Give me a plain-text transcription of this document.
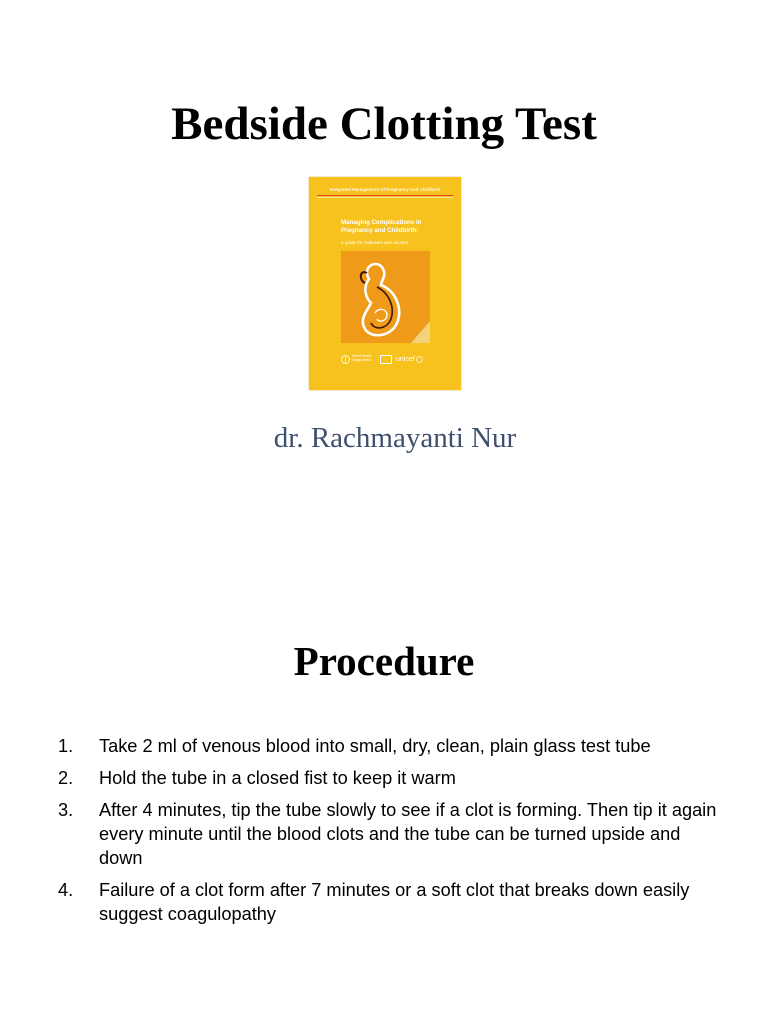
Bedside Clotting Test
Integrated Management Of Pregnancy And Childbirth
Managing Complications in Pregnancy and Childbirth:
a guide for midwives and doctors
World Health Organization	unicef
dr. Rachmayanti Nur
Procedure
1. Take 2 ml of venous blood into small, dry, clean, plain glass test tube
2. Hold the tube in a closed fist to keep it warm
3. After 4 minutes, tip the tube slowly to see if a clot is forming. Then tip it again every minute until the blood clots and the tube can be turned upside and down
4. Failure of a clot form after 7 minutes or a soft clot that breaks down easily suggest coagulopathy
